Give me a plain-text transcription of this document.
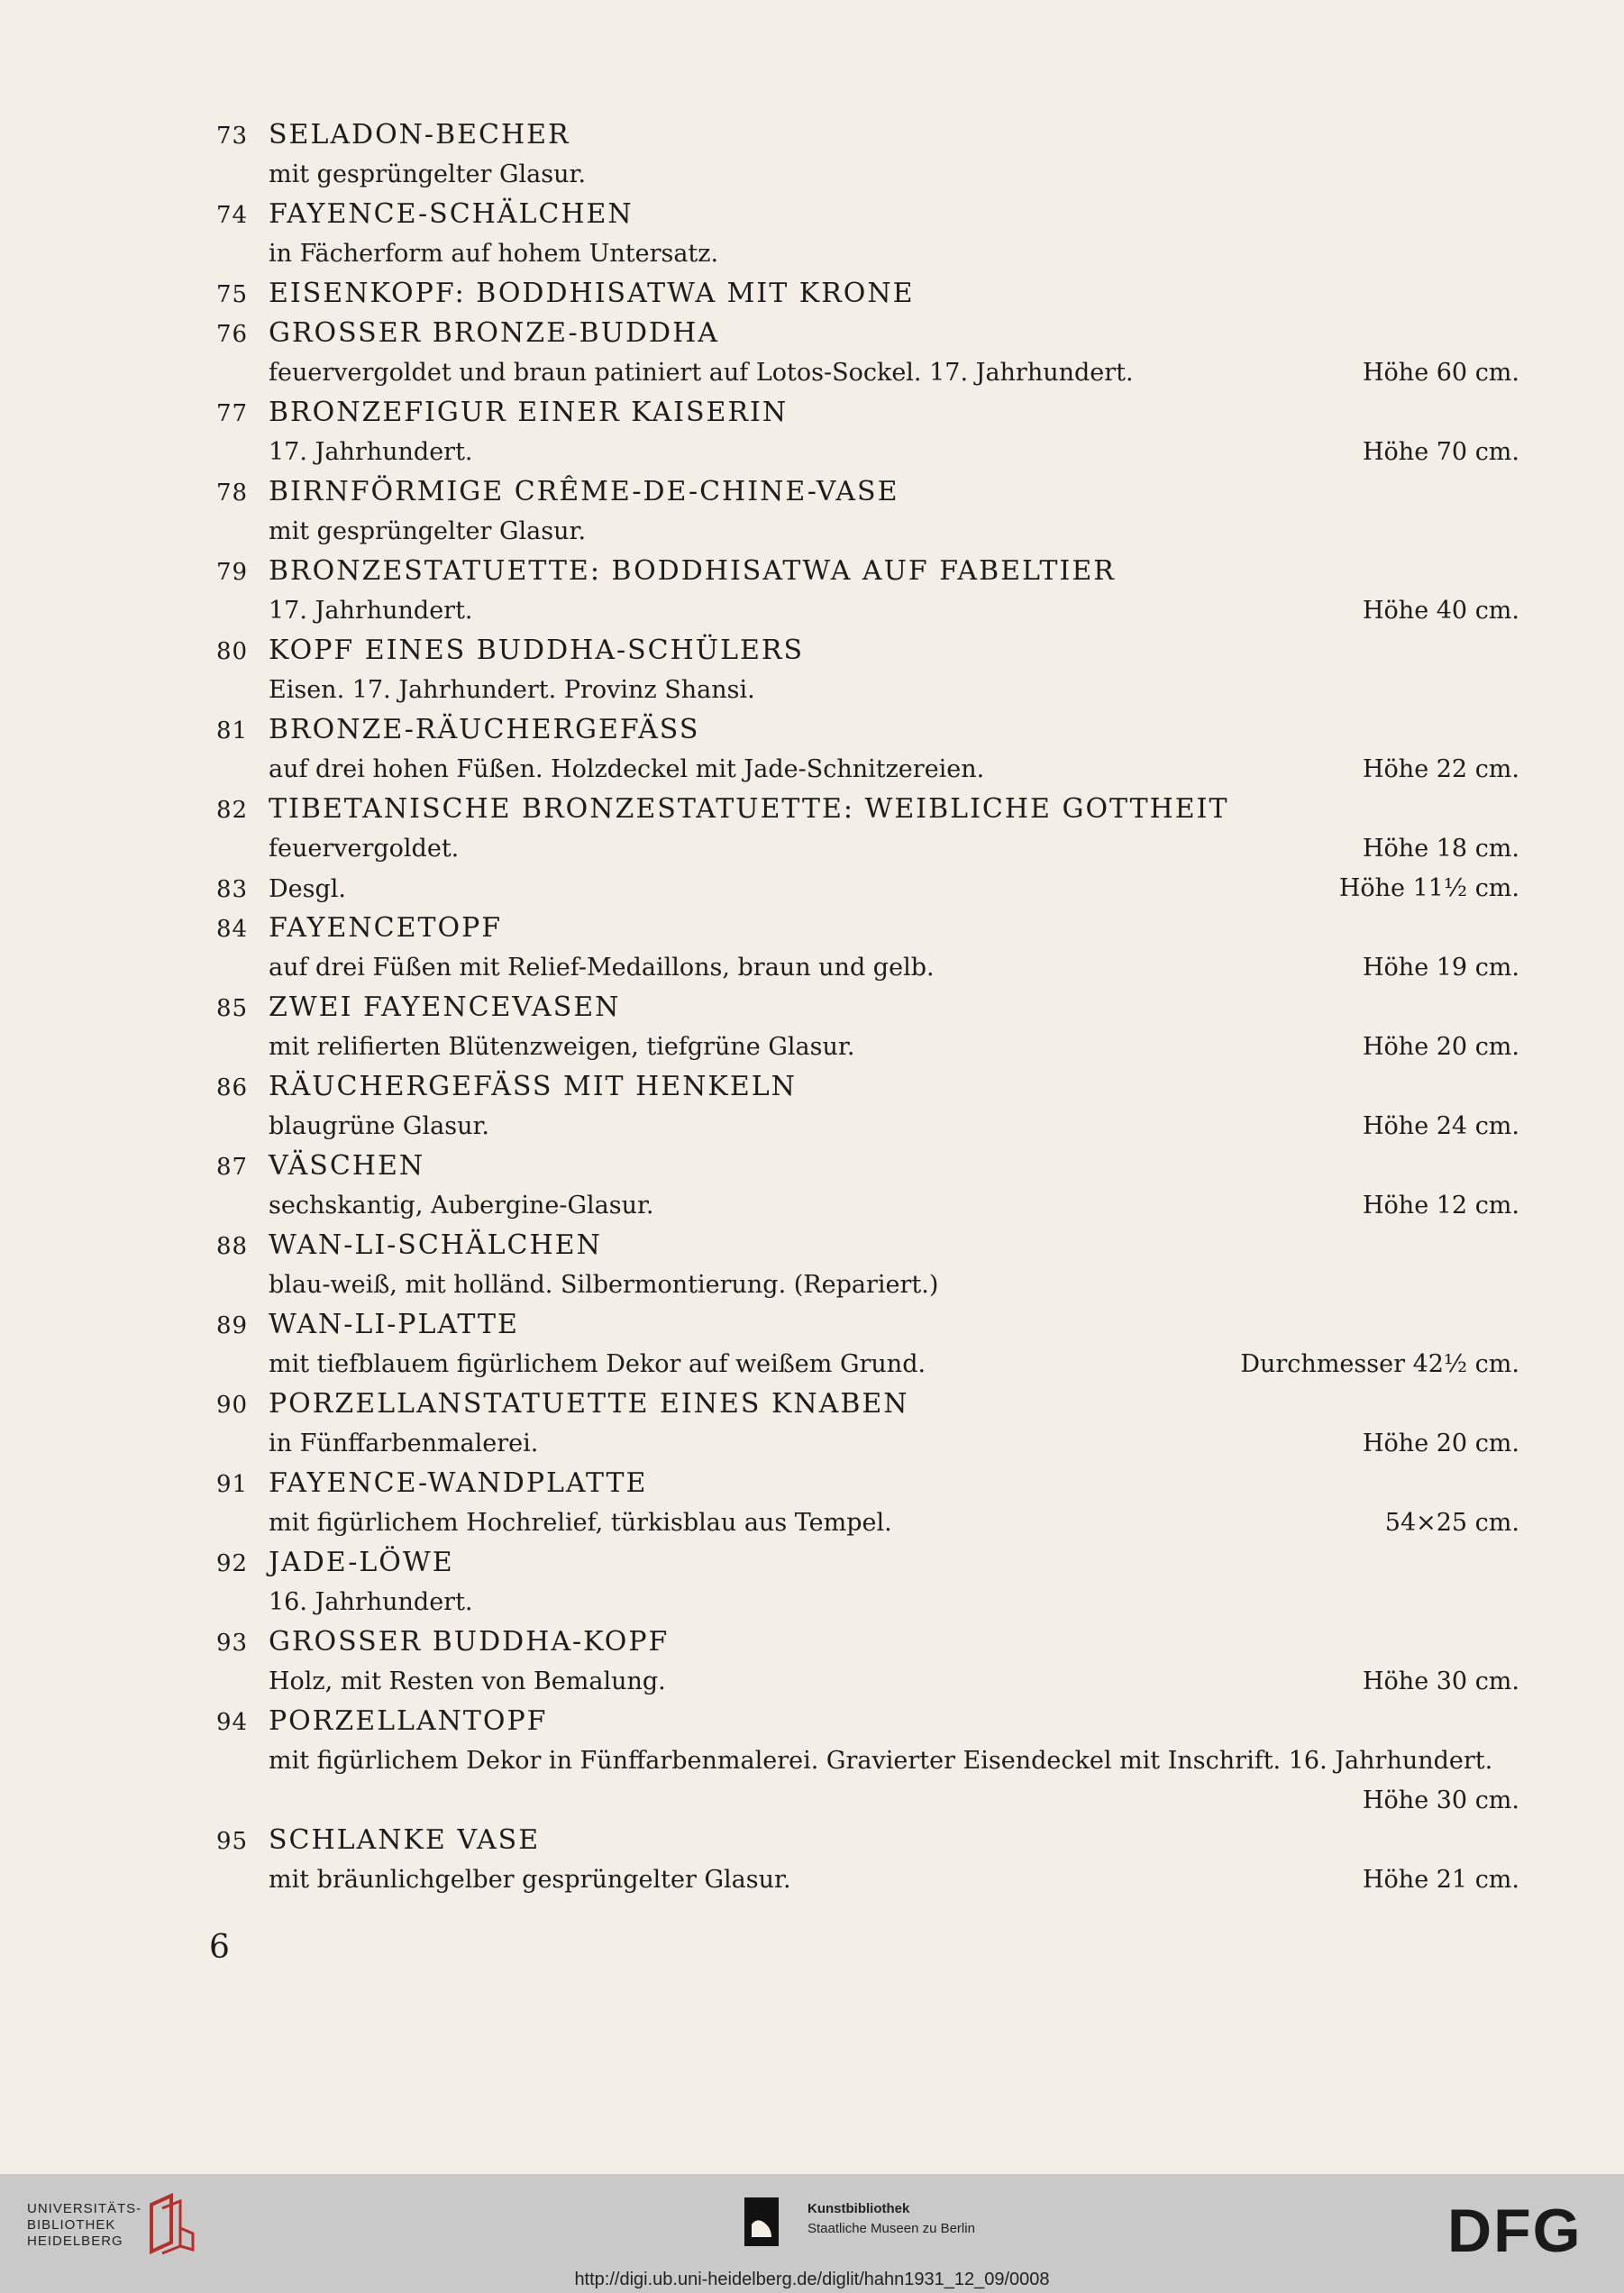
73 SELADON-BECHER
mit gesprüngelter Glasur.
74 FAYENCE-SCHÄLCHEN
in Fächerform auf hohem Untersatz.
75 EISENKOPF: BODDHISATWA MIT KRONE
76 GROSSER BRONZE-BUDDHA
feuervergoldet und braun patiniert auf Lotos-Sockel. 17. Jahrhundert.	Höhe 60 cm.
77 BRONZEFIGUR EINER KAISERIN
17. Jahrhundert.	Höhe 70 cm.
78 BIRNFÖRMIGE CRÊME-DE-CHINE-VASE
mit gesprüngelter Glasur.
79 BRONZESTATUETTE: BODDHISATWA AUF FABELTIER
17. Jahrhundert.	Höhe 40 cm.
80 KOPF EINES BUDDHA-SCHÜLERS
Eisen. 17. Jahrhundert. Provinz Shansi.
81 BRONZE-RÄUCHERGEFÄSS
auf drei hohen Füßen. Holzdeckel mit Jade-Schnitzereien.	Höhe 22 cm.
82 TIBETANISCHE BRONZESTATUETTE: WEIBLICHE GOTTHEIT
feuervergoldet.	Höhe 18 cm.
83 Desgl.	Höhe 11½ cm.
84 FAYENCETOPF
auf drei Füßen mit Relief-Medaillons, braun und gelb.	Höhe 19 cm.
85 ZWEI FAYENCEVASEN
mit relifierten Blütenzweigen, tiefgrüne Glasur.	Höhe 20 cm.
86 RÄUCHERGEFÄSS MIT HENKELN
blaugrüne Glasur.	Höhe 24 cm.
87 VÄSCHEN
sechskantig, Aubergine-Glasur.	Höhe 12 cm.
88 WAN-LI-SCHÄLCHEN
blau-weiß, mit holländ. Silbermontierung. (Repariert.)
89 WAN-LI-PLATTE
mit tiefblauem figürlichem Dekor auf weißem Grund.	Durchmesser 42½ cm.
90 PORZELLANSTATUETTE EINES KNABEN
in Fünffarbenmalerei.	Höhe 20 cm.
91 FAYENCE-WANDPLATTE
mit figürlichem Hochrelief, türkisblau aus Tempel.	54×25 cm.
92 JADE-LÖWE
16. Jahrhundert.
93 GROSSER BUDDHA-KOPF
Holz, mit Resten von Bemalung.	Höhe 30 cm.
94 PORZELLANTOPF
mit figürlichem Dekor in Fünffarbenmalerei. Gravierter Eisendeckel mit Inschrift. 16. Jahrhundert.
Höhe 30 cm.
95 SCHLANKE VASE
mit bräunlichgelber gesprüngelter Glasur.	Höhe 21 cm.
6
UNIVERSITÄTS-
BIBLIOTHEK
HEIDELBERG
Kunstbibliothek
Staatliche Museen zu Berlin	DFG
http://digi.ub.uni-heidelberg.de/diglit/hahn1931_12_09/0008
